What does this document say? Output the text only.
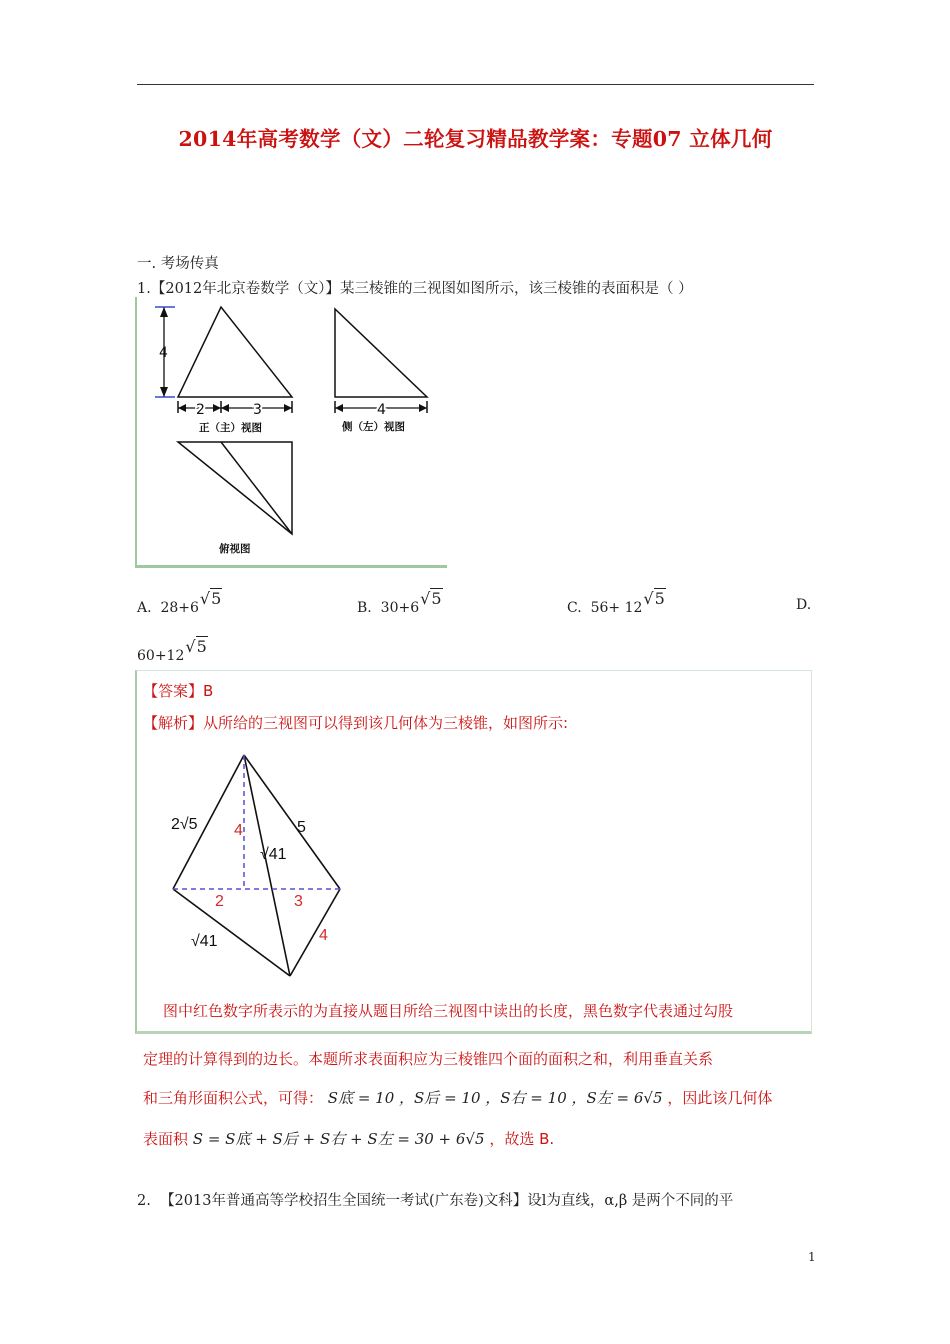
2014年高考数学（文）二轮复习精品教学案：专题07 立体几何
一. 考场传真
1.【2012年北京卷数学（文）】某三棱锥的三视图如图所示，该三棱锥的表面积是（ ）
4
2	3	4
正（主）视图	侧（左）视图
俯视图
A. 28+6√5	B. 30+6√5	C. 56+ 12√5	D.
60+12√5
【答案】B
【解析】从所给的三视图可以得到该几何体为三棱锥，如图所示:
2√5	5
√41
√41
4
2	3
4
图中红色数字所表示的为直接从题目所给三视图中读出的长度，黑色数字代表通过勾股
定理的计算得到的边长。本题所求表面积应为三棱锥四个面的面积之和，利用垂直关系
和三角形面积公式，可得： S底 = 10 ，S后 = 10 ，S右 = 10 ，S左 = 6√5 ，因此该几何体
表面积 S = S底 + S后 + S右 + S左 = 30 + 6√5 ，故选 B.
2. 【2013年普通高等学校招生全国统一考试(广东卷)文科】设l为直线，α,β 是两个不同的平
1
